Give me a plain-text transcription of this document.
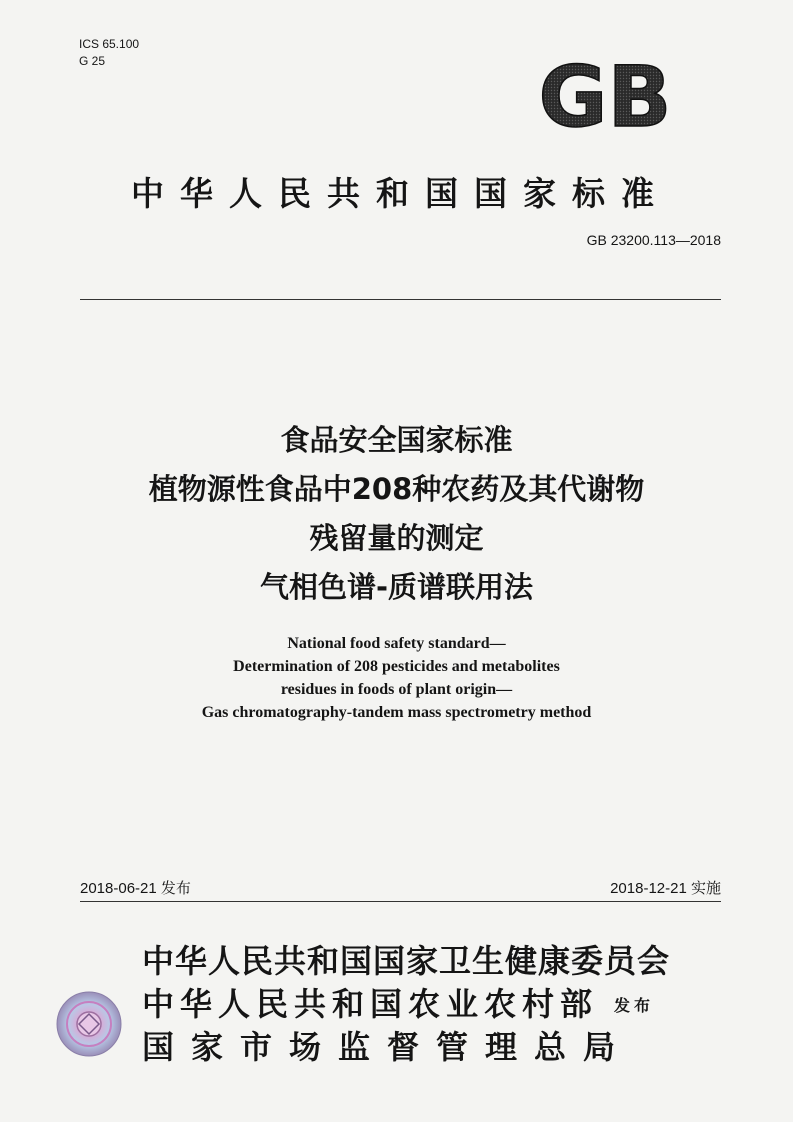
ICS 65.100
G 25	GB
中华人民共和国国家标准
GB 23200.113—2018
食品安全国家标准
植物源性食品中208种农药及其代谢物
残留量的测定
气相色谱-质谱联用法
National food safety standard—
Determination of 208 pesticides and metabolites
residues in foods of plant origin—
Gas chromatography-tandem mass spectrometry method
2018-06-21 发布	2018-12-21 实施
中华人民共和国国家卫生健康委员会
中华人民共和国农业农村部
国家市场监督管理总局
发布
